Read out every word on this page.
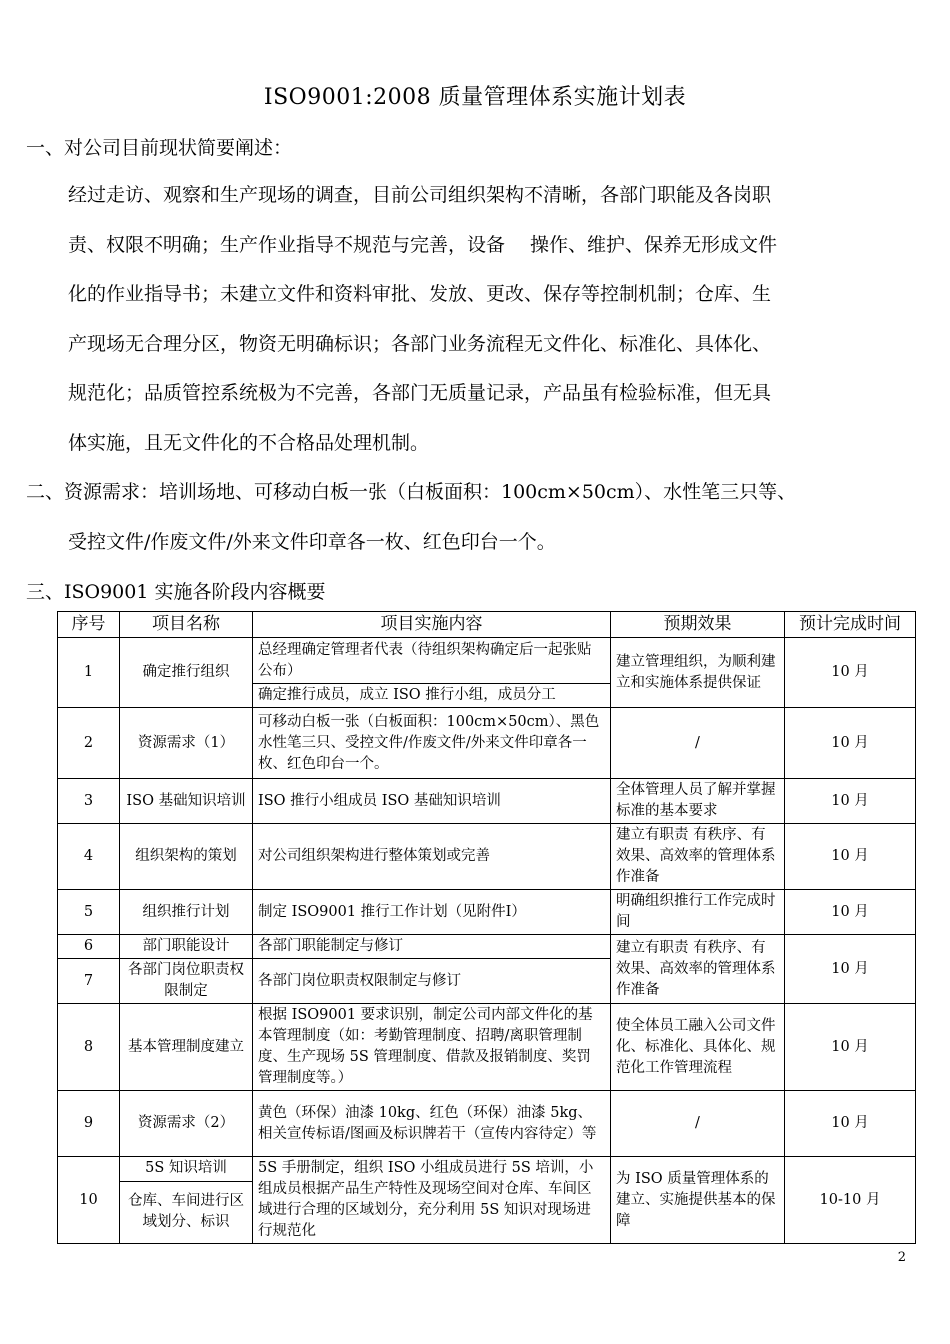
ISO9001:2008 质量管理体系实施计划表
一、对公司目前现状简要阐述：
经过走访、观察和生产现场的调查，目前公司组织架构不清晰，各部门职能及各岗职
责、权限不明确；生产作业指导不规范与完善，设备　 操作、维护、保养无形成文件
化的作业指导书；未建立文件和资料审批、发放、更改、保存等控制机制；仓库、生
产现场无合理分区，物资无明确标识；各部门业务流程无文件化、标准化、具体化、
规范化；品质管控系统极为不完善，各部门无质量记录，产品虽有检验标准，但无具
体实施，且无文件化的不合格品处理机制。
二、资源需求：培训场地、可移动白板一张（白板面积：100cm×50cm）、水性笔三只等、
受控文件/作废文件/外来文件印章各一枚、红色印台一个。
三、ISO9001 实施各阶段内容概要
序号	项目名称	项目实施内容	预期效果	预计完成时间
1	确定推行组织	总经理确定管理者代表（待组织架构确定后一起张贴公布）	建立管理组织，为顺利建立和实施体系提供保证	10 月
		确定推行成员，成立 ISO 推行小组，成员分工		
2	资源需求（1）	可移动白板一张（白板面积：100cm×50cm）、黑色水性笔三只、受控文件/作废文件/外来文件印章各一枚、红色印台一个。	/	10 月
3	ISO 基础知识培训	ISO 推行小组成员 ISO 基础知识培训	全体管理人员了解并掌握标准的基本要求	10 月
4	组织架构的策划	对公司组织架构进行整体策划或完善	建立有职责 有秩序、有效果、高效率的管理体系作准备	10 月
5	组织推行计划	制定 ISO9001 推行工作计划（见附件Ⅰ）	明确组织推行工作完成时间	10 月
6	部门职能设计	各部门职能制定与修订	建立有职责 有秩序、有效果、高效率的管理体系作准备	10 月
7	各部门岗位职责权限制定	各部门岗位职责权限制定与修订		
8	基本管理制度建立	根据 ISO9001 要求识别，制定公司内部文件化的基本管理制度（如：考勤管理制度、招聘/离职管理制度、生产现场 5S 管理制度、借款及报销制度、奖罚管理制度等。）	使全体员工融入公司文件化、标准化、具体化、规范化工作管理流程	10 月
9	资源需求（2）	黄色（环保）油漆 10kg、红色（环保）油漆 5kg、相关宣传标语/图画及标识牌若干（宣传内容待定）等	/	10 月
10	5S 知识培训	5S 手册制定，组织 ISO 小组成员进行 5S 培训，小组成员根据产品生产特性及现场空间对仓库、车间区域进行合理的区域划分，充分利用 5S 知识对现场进行规范化	为 ISO 质量管理体系的建立、实施提供基本的保障	10-10 月
	仓库、车间进行区域划分、标识			
2
